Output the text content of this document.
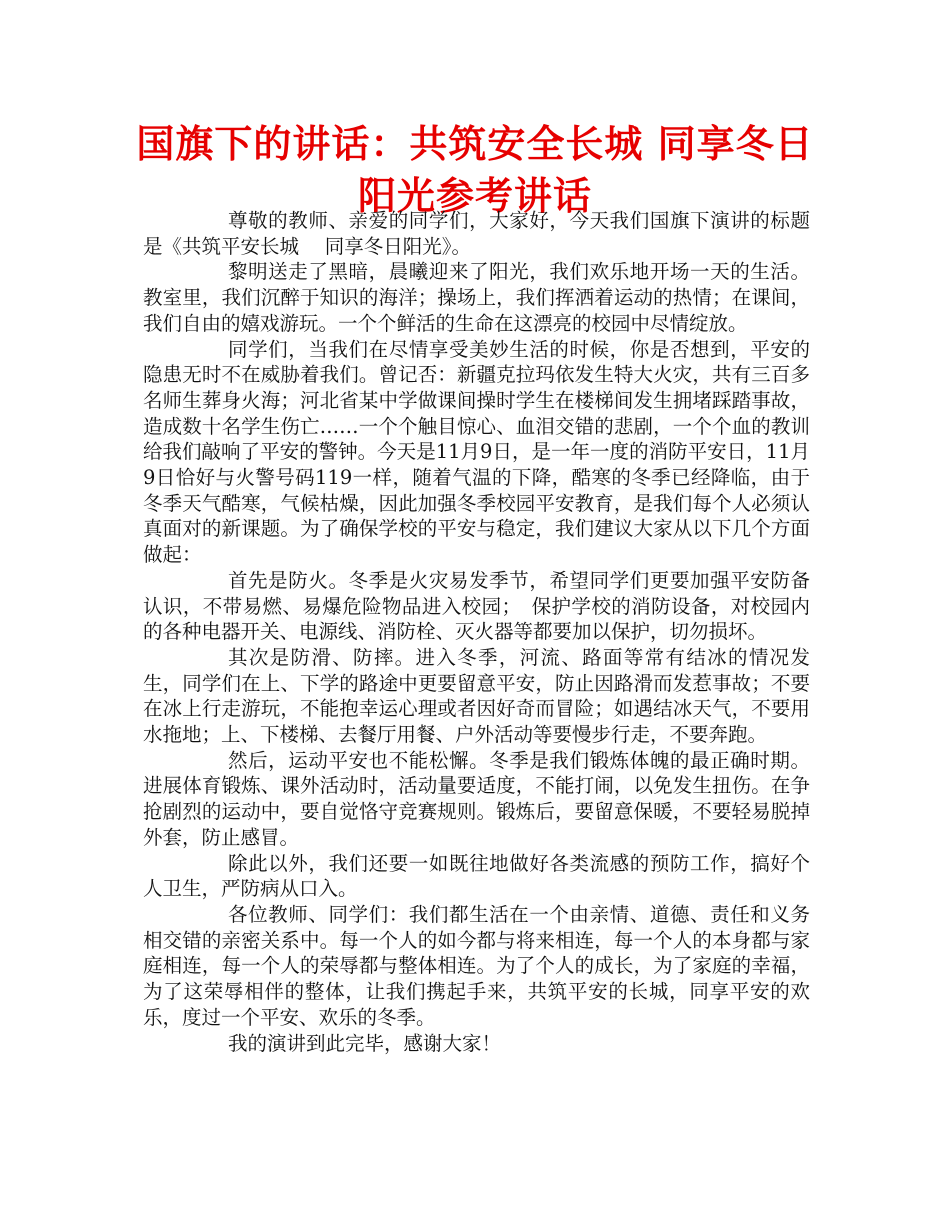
国旗下的讲话：共筑安全长城 同享冬日阳光参考讲话

尊敬的教师、亲爱的同学们，大家好，今天我们国旗下演讲的标题是《共筑平安长城　 同享冬日阳光》。

黎明送走了黑暗，晨曦迎来了阳光，我们欢乐地开场一天的生活。教室里，我们沉醉于知识的海洋；操场上，我们挥洒着运动的热情；在课间，我们自由的嬉戏游玩。一个个鲜活的生命在这漂亮的校园中尽情绽放。

同学们，当我们在尽情享受美妙生活的时候，你是否想到，平安的隐患无时不在威胁着我们。曾记否：新疆克拉玛依发生特大火灾，共有三百多名师生葬身火海；河北省某中学做课间操时学生在楼梯间发生拥堵踩踏事故，造成数十名学生伤亡……一个个触目惊心、血泪交错的悲剧，一个个血的教训给我们敲响了平安的警钟。今天是11月9日，是一年一度的消防平安日，11月9日恰好与火警号码119一样，随着气温的下降，酷寒的冬季已经降临，由于冬季天气酷寒，气候枯燥，因此加强冬季校园平安教育，是我们每个人必须认真面对的新课题。为了确保学校的平安与稳定，我们建议大家从以下几个方面做起：

首先是防火。冬季是火灾易发季节，希望同学们更要加强平安防备认识，不带易燃、易爆危险物品进入校园；　保护学校的消防设备，对校园内的各种电器开关、电源线、消防栓、灭火器等都要加以保护，切勿损坏。

其次是防滑、防摔。进入冬季，河流、路面等常有结冰的情况发生，同学们在上、下学的路途中更要留意平安，防止因路滑而发惹事故；不要在冰上行走游玩，不能抱幸运心理或者因好奇而冒险；如遇结冰天气，不要用水拖地；上、下楼梯、去餐厅用餐、户外活动等要慢步行走，不要奔跑。

然后，运动平安也不能松懈。冬季是我们锻炼体魄的最正确时期。进展体育锻炼、课外活动时，活动量要适度，不能打闹，以免发生扭伤。在争抢剧烈的运动中，要自觉恪守竞赛规则。锻炼后，要留意保暖，不要轻易脱掉外套，防止感冒。

除此以外，我们还要一如既往地做好各类流感的预防工作，搞好个人卫生，严防病从口入。

各位教师、同学们：我们都生活在一个由亲情、道德、责任和义务相交错的亲密关系中。每一个人的如今都与将来相连，每一个人的本身都与家庭相连，每一个人的荣辱都与整体相连。为了个人的成长，为了家庭的幸福，为了这荣辱相伴的整体，让我们携起手来，共筑平安的长城，同享平安的欢乐，度过一个平安、欢乐的冬季。

我的演讲到此完毕，感谢大家！
